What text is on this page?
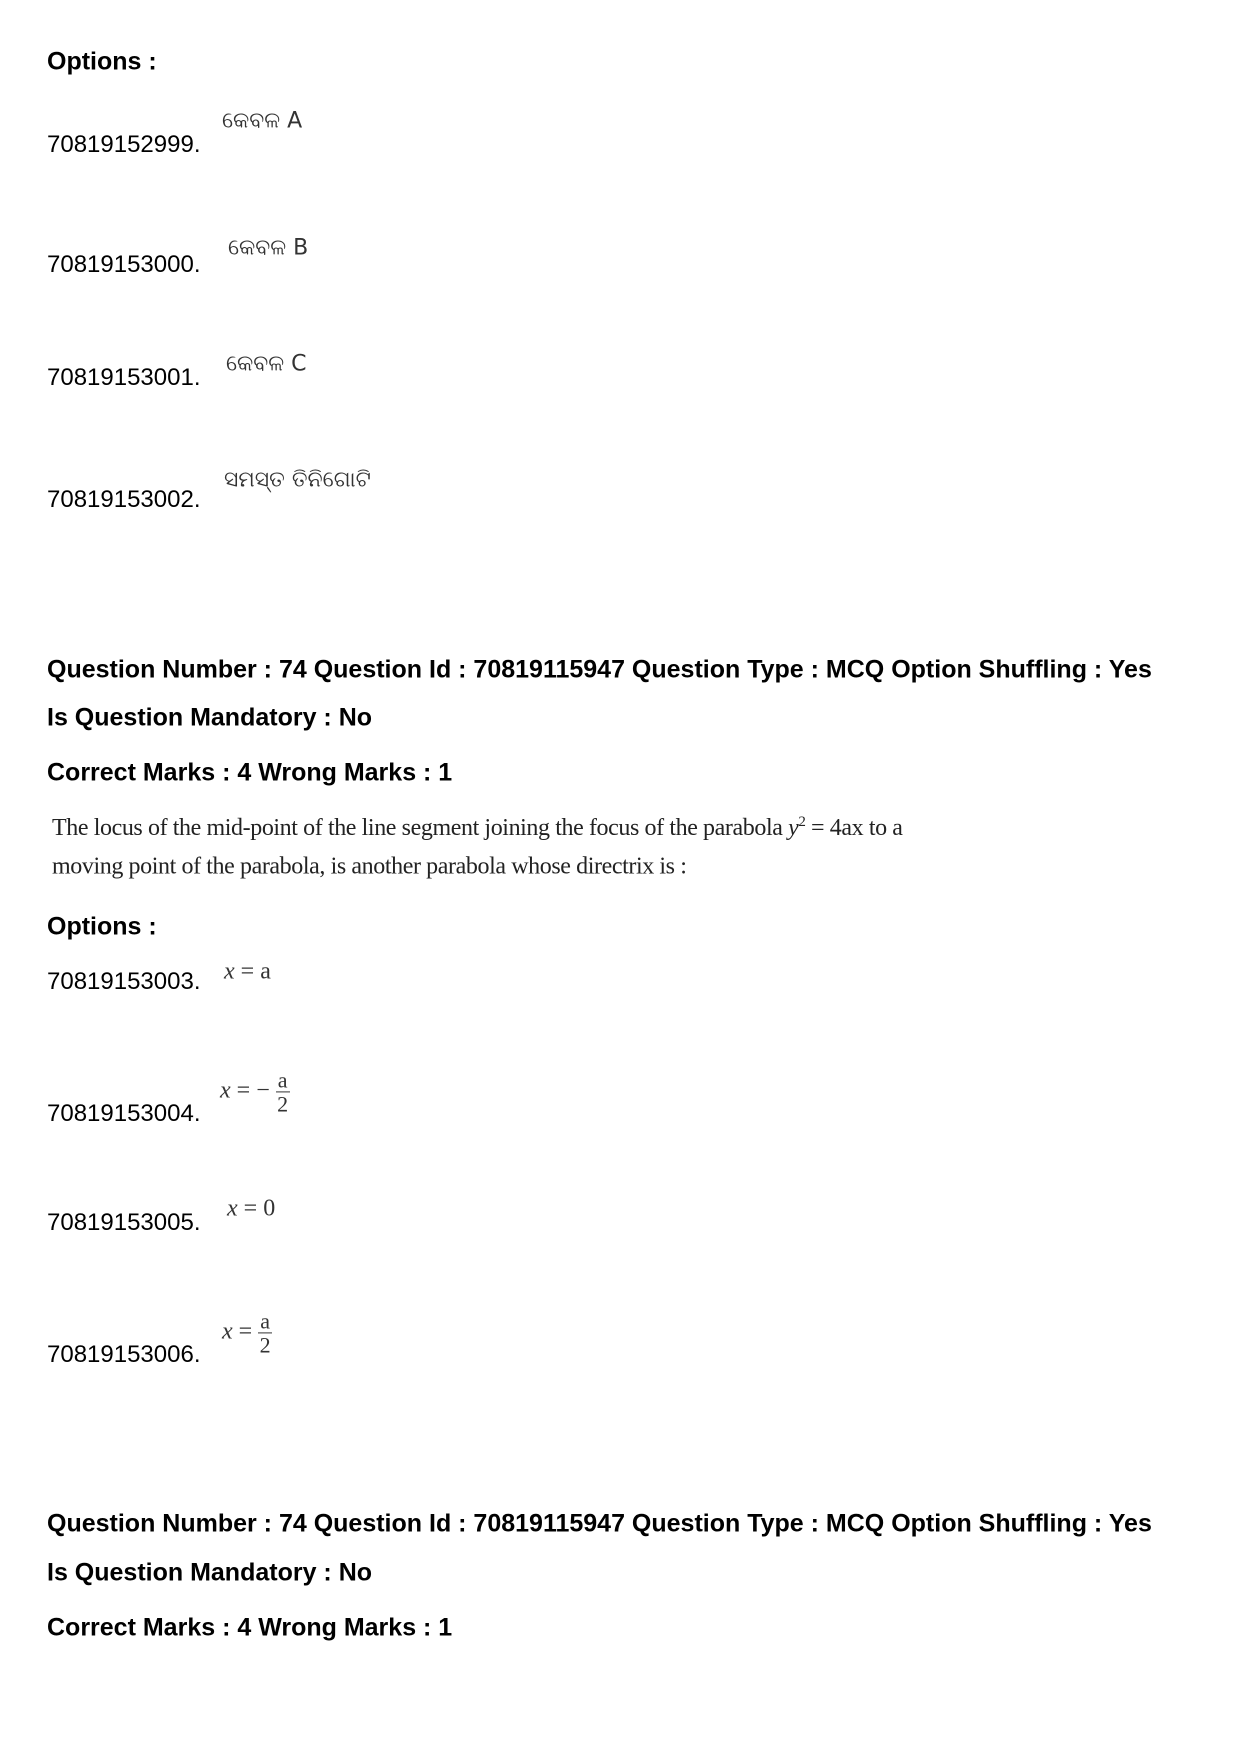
Options :
70819152999.
କେବଳ A
70819153000.
କେବଳ B
70819153001. କେବଳ C
70819153002.
ସମସ୍ତ ତିନିଗୋଟି
Question Number : 74 Question Id : 70819115947 Question Type : MCQ Option Shuffling : Yes
Is Question Mandatory : No
Correct Marks : 4 Wrong Marks : 1
The locus of the mid-point of the line segment joining the focus of the parabola $y^2 = 4ax$ to a
moving point of the parabola, is another parabola whose directrix is :
Options :
70819153003. x = a
70819153004.
x = − $\frac{a}{2}$
70819153005.
x = 0
70819153006.
$x = \frac{a}{2}$
Question Number : 74 Question Id : 70819115947 Question Type : MCQ Option Shuffling : Yes
Is Question Mandatory : No
Correct Marks : 4 Wrong Marks : 1
